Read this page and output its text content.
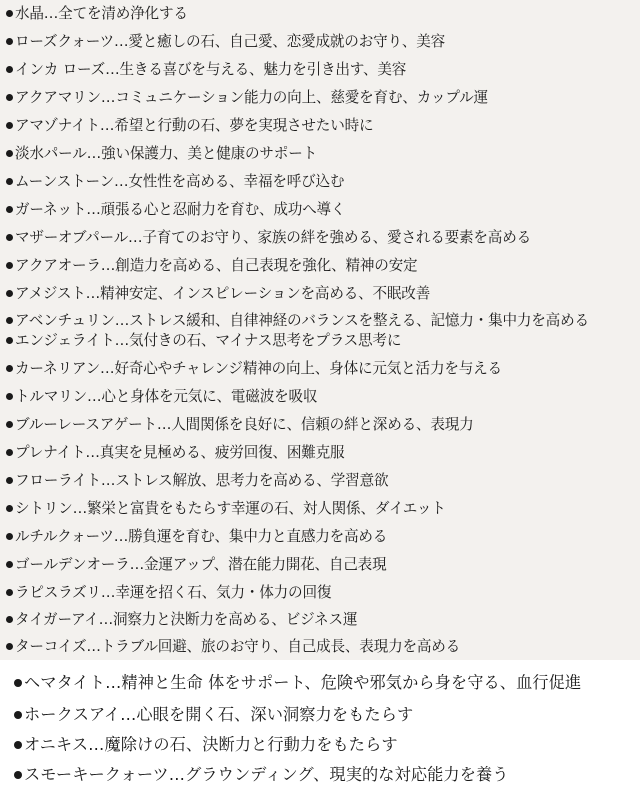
水晶…全てを清め浄化する
ローズクォーツ…愛と癒しの石、自己愛、恋愛成就のお守り、美容
インカ ローズ…生きる喜びを与える、魅力を引き出す、美容
アクアマリン…コミュニケーション能力の向上、慈愛を育む、カップル運
アマゾナイト…希望と行動の石、夢を実現させたい時に
淡水パール…強い保護力、美と健康のサポート
ムーンストーン…女性性を高める、幸福を呼び込む
ガーネット…頑張る心と忍耐力を育む、成功へ導く
マザーオブパール…子育てのお守り、家族の絆を強める、愛される要素を高める
アクアオーラ…創造力を高める、自己表現を強化、精神の安定
アメジスト…精神安定、インスピレーションを高める、不眠改善
アベンチュリン…ストレス緩和、自律神経のバランスを整える、記憶力・集中力を高める
エンジェライト…気付きの石、マイナス思考をプラス思考に
カーネリアン…好奇心やチャレンジ精神の向上、身体に元気と活力を与える
トルマリン…心と身体を元気に、電磁波を吸収
ブルーレースアゲート…人間関係を良好に、信頼の絆と深める、表現力
プレナイト…真実を見極める、疲労回復、困難克服
フローライト…ストレス解放、思考力を高める、学習意欲
シトリン…繁栄と富貴をもたらす幸運の石、対人関係、ダイエット
ルチルクォーツ…勝負運を育む、集中力と直感力を高める
ゴールデンオーラ…金運アップ、潜在能力開花、自己表現
ラピスラズリ…幸運を招く石、気力・体力の回復
タイガーアイ…洞察力と決断力を高める、ビジネス運
ターコイズ…トラブル回避、旅のお守り、自己成長、表現力を高める
ヘマタイト…精神と生命 体をサポート、危険や邪気から身を守る、血行促進
ホークスアイ…心眼を開く石、深い洞察力をもたらす
オニキス…魔除けの石、決断力と行動力をもたらす
スモーキークォーツ…グラウンディング、現実的な対応能力を養う
